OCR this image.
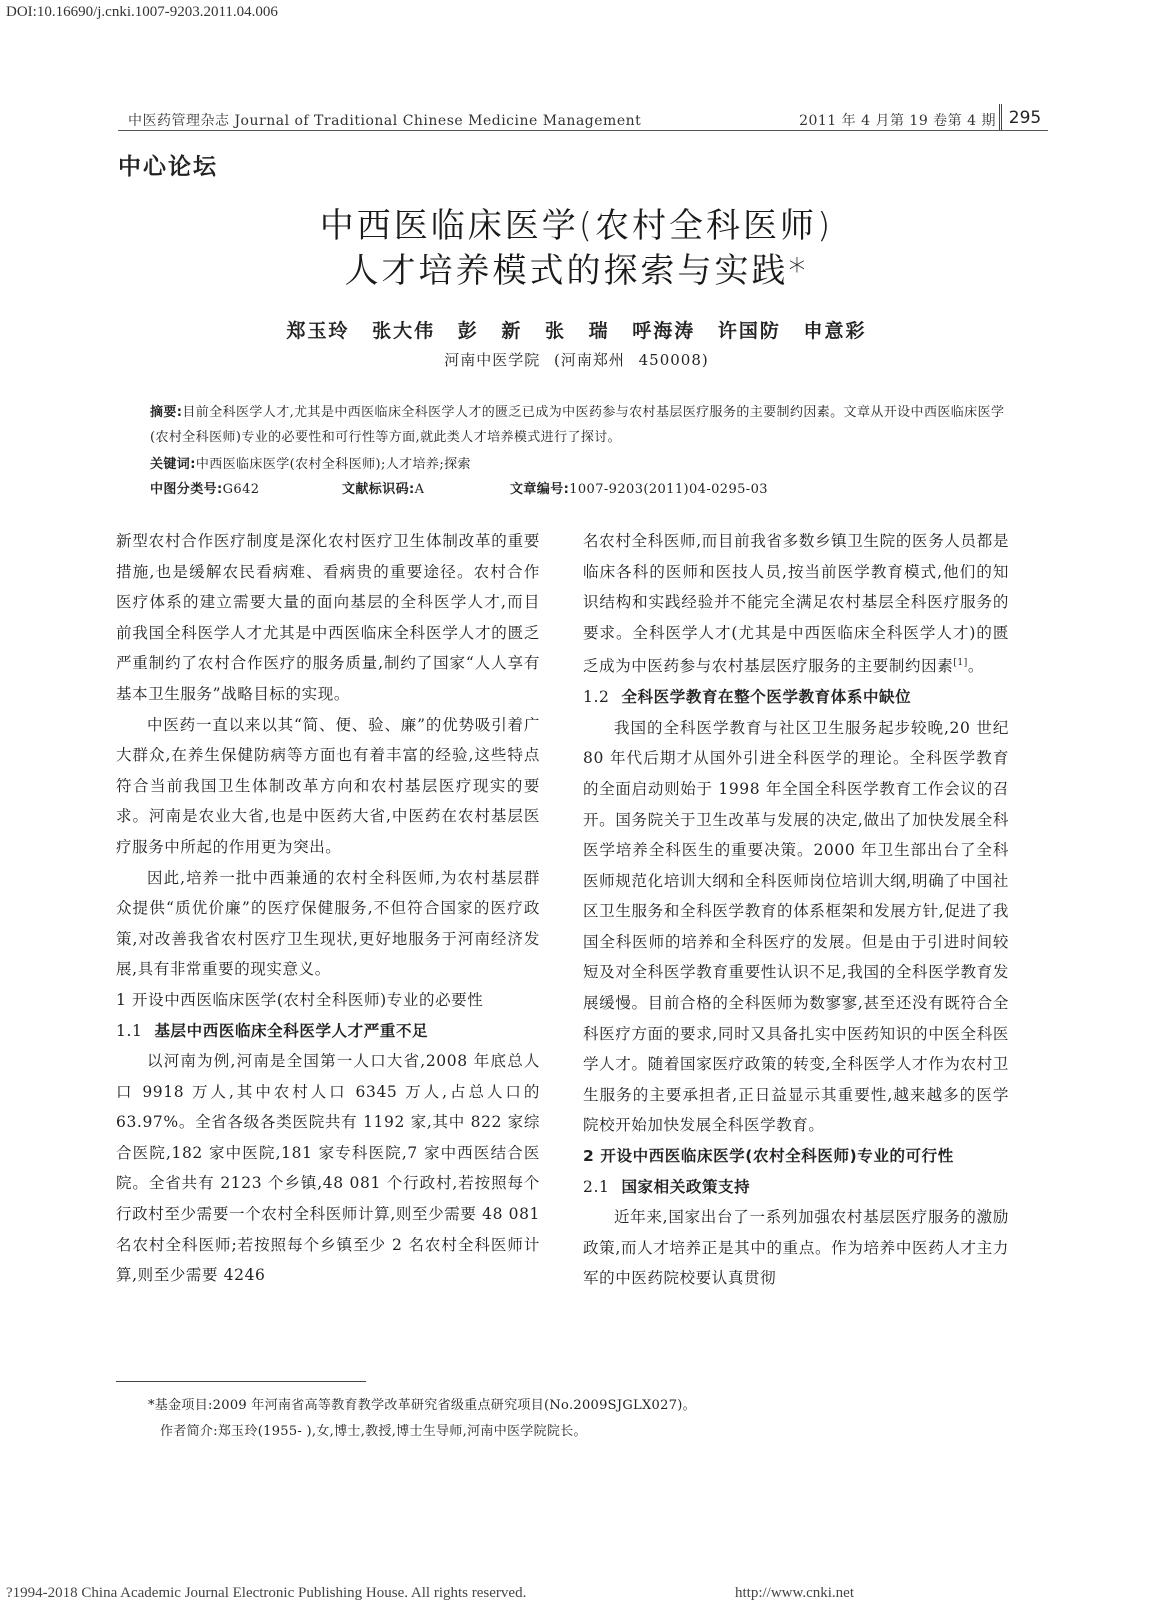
DOI:10.16690/j.cnki.1007-9203.2011.04.006
中医药管理杂志 Journal of Traditional Chinese Medicine Management	2011 年 4 月第 19 卷第 4 期 295
中心论坛
中西医临床医学(农村全科医师)
人才培养模式的探索与实践*
郑玉玲 张大伟 彭 新 张 瑞 呼海涛 许国防 申意彩
河南中医学院 (河南郑州 450008)
摘要:目前全科医学人才,尤其是中西医临床全科医学人才的匮乏已成为中医药参与农村基层医疗服务的主要制约因素。文章从开设中西医临床医学(农村全科医师)专业的必要性和可行性等方面,就此类人才培养模式进行了探讨。
关键词:中西医临床医学(农村全科医师);人才培养;探索
中图分类号:G642	文献标识码:A	文章编号:1007-9203(2011)04-0295-03

新型农村合作医疗制度是深化农村医疗卫生体制改革的重要措施,也是缓解农民看病难、看病贵的重要途径。农村合作医疗体系的建立需要大量的面向基层的全科医学人才,而目前我国全科医学人才尤其是中西医临床全科医学人才的匮乏严重制约了农村合作医疗的服务质量,制约了国家“人人享有基本卫生服务”战略目标的实现。

中医药一直以来以其“简、便、验、廉”的优势吸引着广大群众,在养生保健防病等方面也有着丰富的经验,这些特点符合当前我国卫生体制改革方向和农村基层医疗现实的要求。河南是农业大省,也是中医药大省,中医药在农村基层医疗服务中所起的作用更为突出。

因此,培养一批中西兼通的农村全科医师,为农村基层群众提供“质优价廉”的医疗保健服务,不但符合国家的医疗政策,对改善我省农村医疗卫生现状,更好地服务于河南经济发展,具有非常重要的现实意义。

1 开设中西医临床医学(农村全科医师)专业的必要性
1.1 基层中西医临床全科医学人才严重不足

以河南为例,河南是全国第一人口大省,2008 年底总人口 9918 万人,其中农村人口 6345 万人,占总人口的 63.97%。全省各级各类医院共有 1192 家,其中 822 家综合医院,182 家中医院,181 家专科医院,7 家中西医结合医院。全省共有 2123 个乡镇,48 081 个行政村,若按照每个行政村至少需要一个农村全科医师计算,则至少需要 48 081 名农村全科医师;若按照每个乡镇至少 2 名农村全科医师计算,则至少需要 4246

名农村全科医师,而目前我省多数乡镇卫生院的医务人员都是临床各科的医师和医技人员,按当前医学教育模式,他们的知识结构和实践经验并不能完全满足农村基层全科医疗服务的要求。全科医学人才(尤其是中西医临床全科医学人才)的匮乏成为中医药参与农村基层医疗服务的主要制约因素[1]。

1.2 全科医学教育在整个医学教育体系中缺位

我国的全科医学教育与社区卫生服务起步较晚,20 世纪 80 年代后期才从国外引进全科医学的理论。全科医学教育的全面启动则始于 1998 年全国全科医学教育工作会议的召开。国务院关于卫生改革与发展的决定,做出了加快发展全科医学培养全科医生的重要决策。2000 年卫生部出台了全科医师规范化培训大纲和全科医师岗位培训大纲,明确了中国社区卫生服务和全科医学教育的体系框架和发展方针,促进了我国全科医师的培养和全科医疗的发展。但是由于引进时间较短及对全科医学教育重要性认识不足,我国的全科医学教育发展缓慢。目前合格的全科医师为数寥寥,甚至还没有既符合全科医疗方面的要求,同时又具备扎实中医药知识的中医全科医学人才。随着国家医疗政策的转变,全科医学人才作为农村卫生服务的主要承担者,正日益显示其重要性,越来越多的医学院校开始加快发展全科医学教育。

2 开设中西医临床医学(农村全科医师)专业的可行性
2.1 国家相关政策支持

近年来,国家出台了一系列加强农村基层医疗服务的激励政策,而人才培养正是其中的重点。作为培养中医药人才主力军的中医药院校要认真贯彻

*基金项目:2009 年河南省高等教育教学改革研究省级重点研究项目(No.2009SJGLX027)。
作者简介:郑玉玲(1955- ),女,博士,教授,博士生导师,河南中医学院院长。
?1994-2018 China Academic Journal Electronic Publishing House. All rights reserved.	http://www.cnki.net
